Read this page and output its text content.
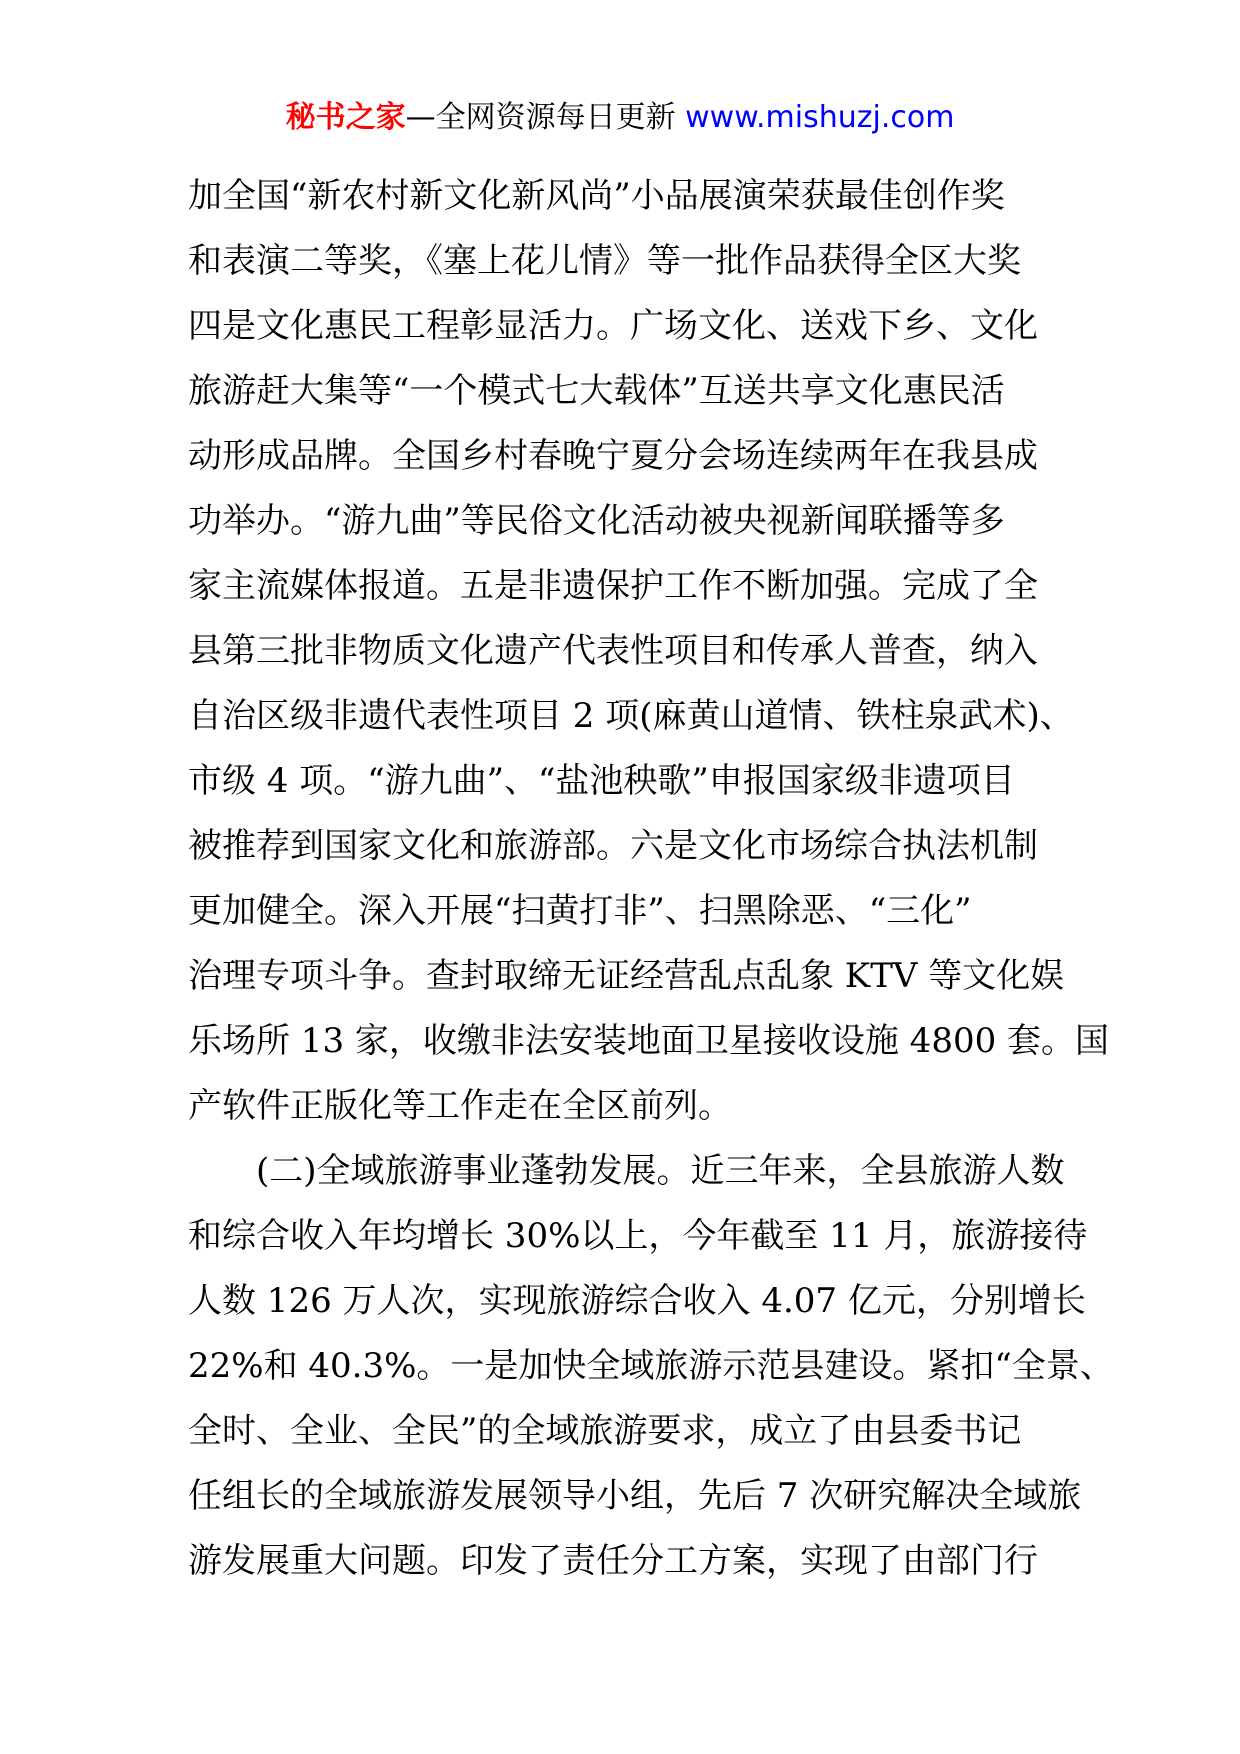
秘书之家—全网资源每日更新 www.mishuzj.com
加全国“新农村新文化新风尚”小品展演荣获最佳创作奖
和表演二等奖，《塞上花儿情》等一批作品获得全区大奖
四是文化惠民工程彰显活力。广场文化、送戏下乡、文化
旅游赶大集等“一个模式七大载体”互送共享文化惠民活
动形成品牌。全国乡村春晚宁夏分会场连续两年在我县成
功举办。“游九曲”等民俗文化活动被央视新闻联播等多
家主流媒体报道。五是非遗保护工作不断加强。完成了全
县第三批非物质文化遗产代表性项目和传承人普查，纳入
自治区级非遗代表性项目 2 项(麻黄山道情、铁柱泉武术)、
市级 4 项。“游九曲”、“盐池秧歌”申报国家级非遗项目
被推荐到国家文化和旅游部。六是文化市场综合执法机制
更加健全。深入开展“扫黄打非”、扫黑除恶、“三化”
治理专项斗争。查封取缔无证经营乱点乱象 KTV 等文化娱
乐场所 13 家，收缴非法安装地面卫星接收设施 4800 套。国
产软件正版化等工作走在全区前列。
(二)全域旅游事业蓬勃发展。近三年来，全县旅游人数
和综合收入年均增长 30%以上，今年截至 11 月，旅游接待
人数 126 万人次，实现旅游综合收入 4.07 亿元，分别增长
22%和 40.3%。一是加快全域旅游示范县建设。紧扣“全景、
全时、全业、全民”的全域旅游要求，成立了由县委书记
任组长的全域旅游发展领导小组，先后 7 次研究解决全域旅
游发展重大问题。印发了责任分工方案，实现了由部门行
